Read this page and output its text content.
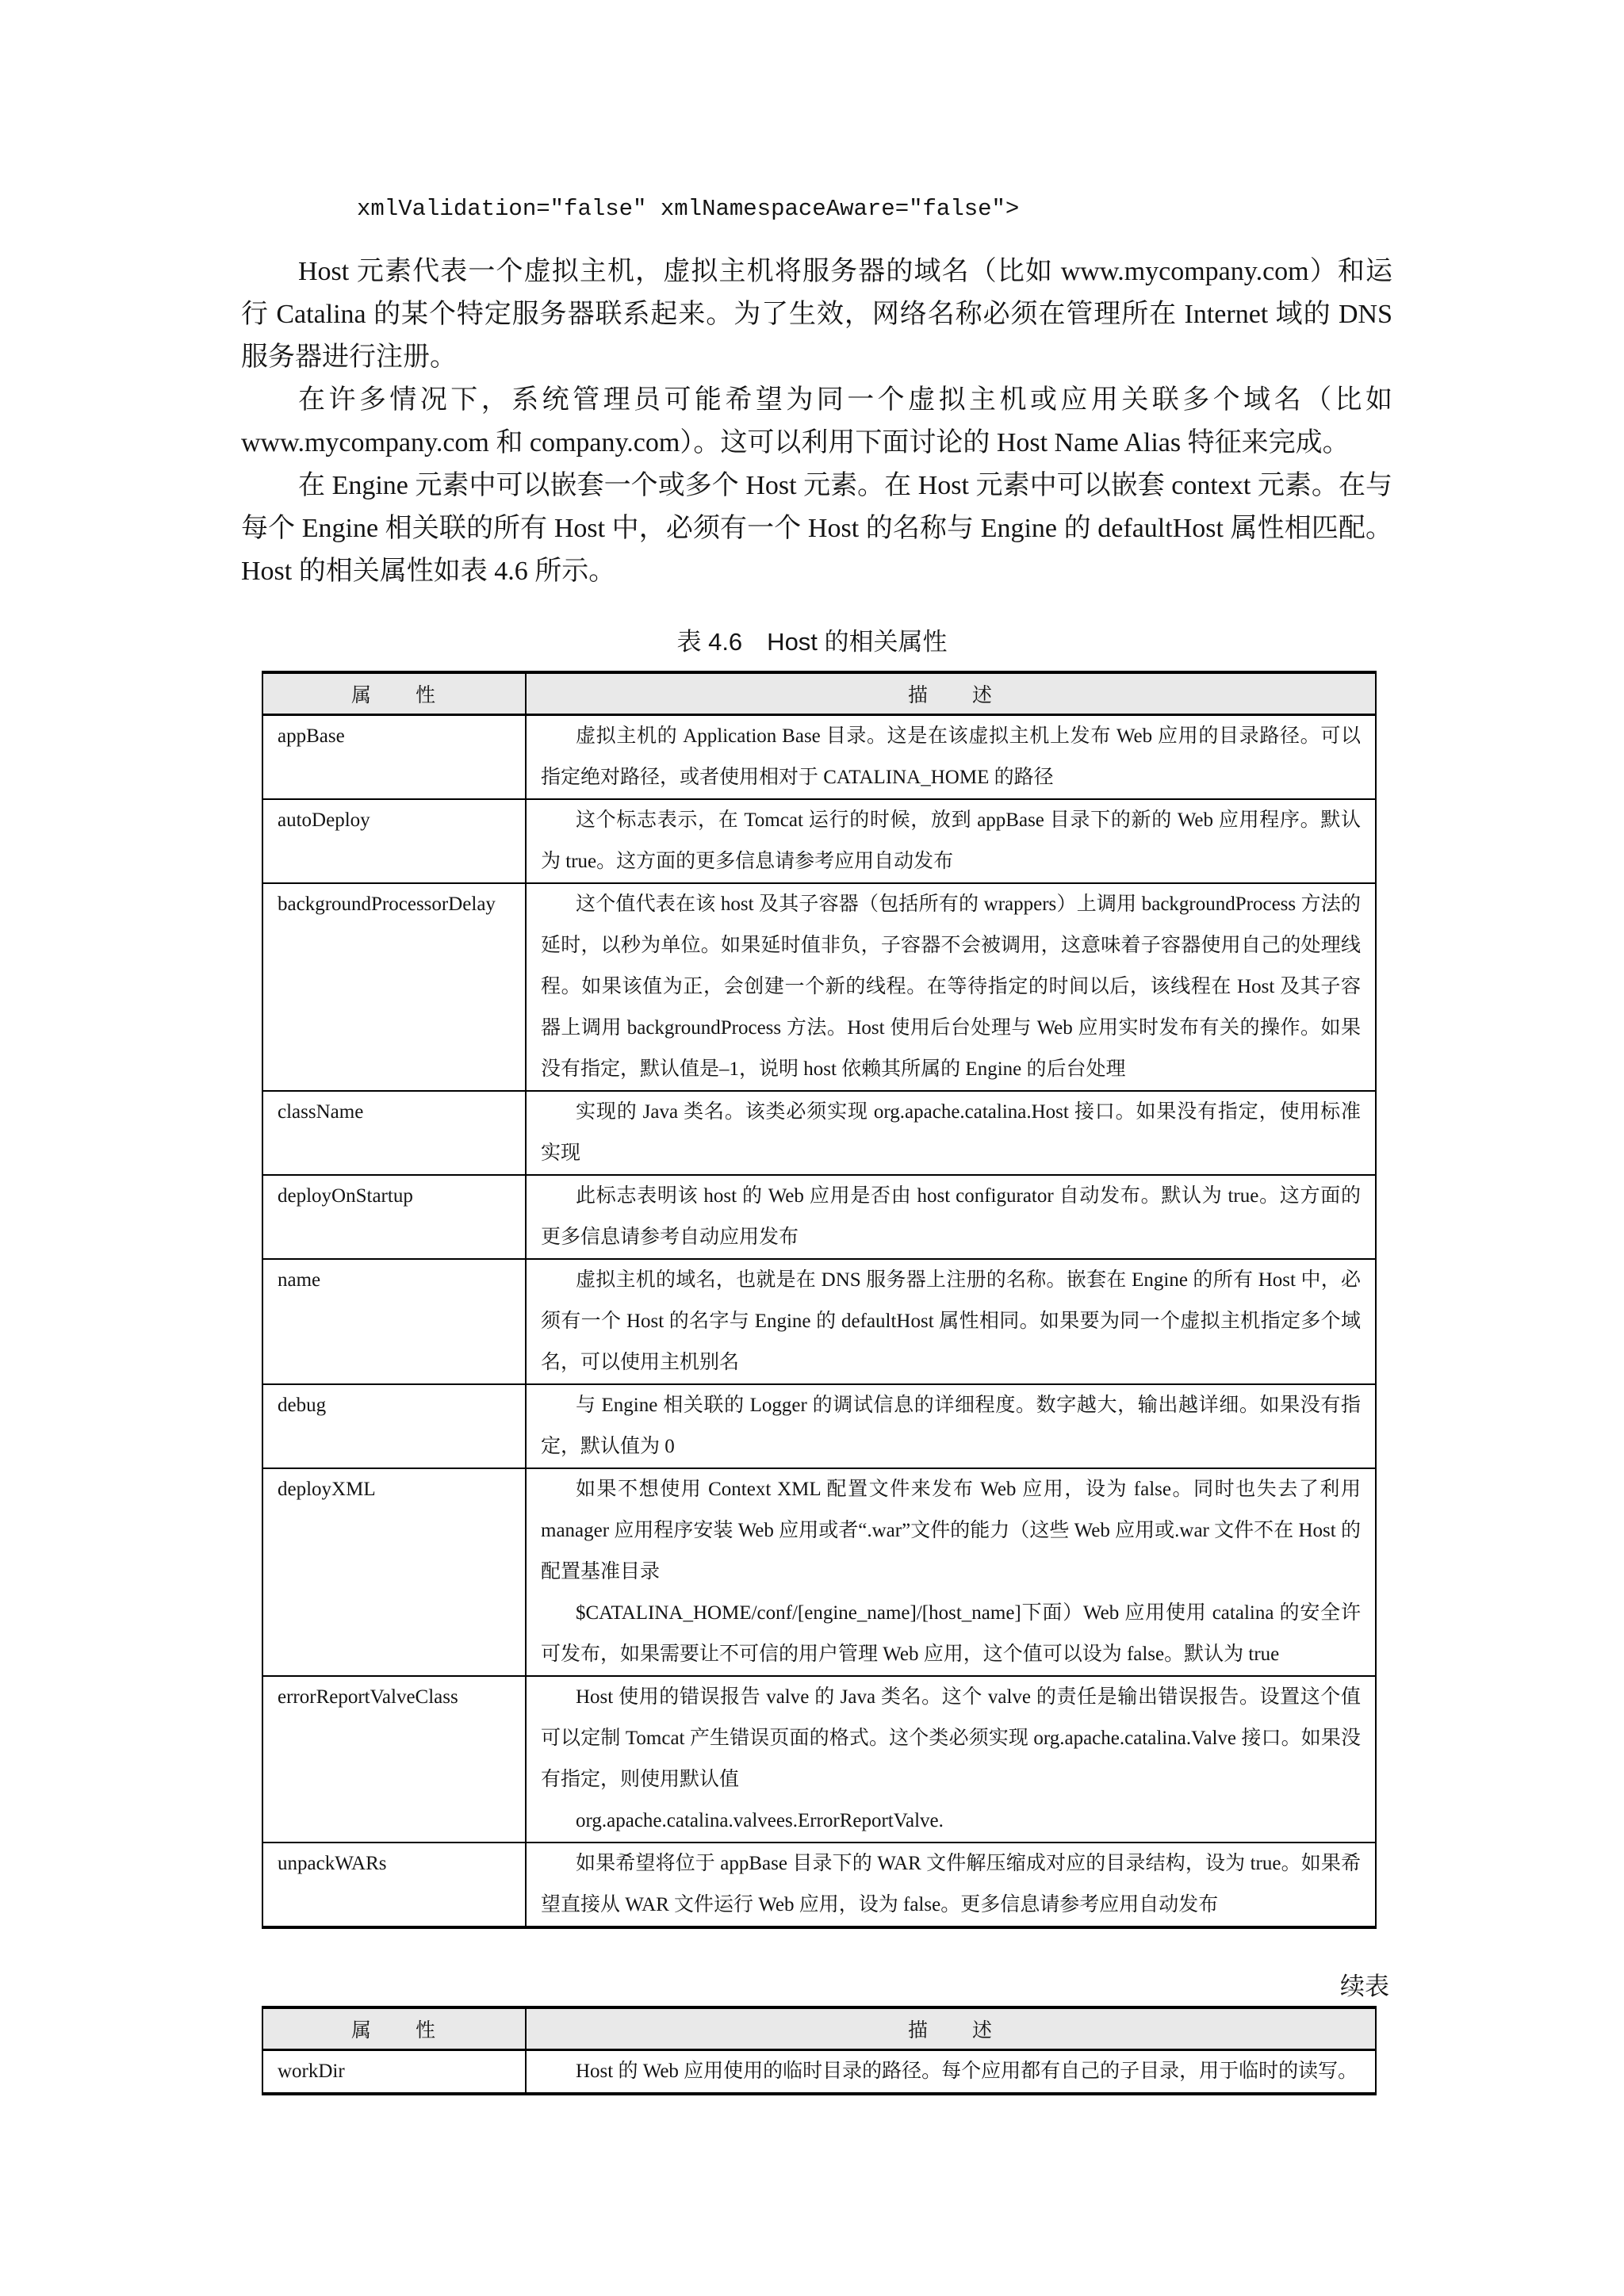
xmlValidation="false" xmlNamespaceAware="false">

Host 元素代表一个虚拟主机，虚拟主机将服务器的域名（比如 www.mycompany.com）和运行 Catalina 的某个特定服务器联系起来。为了生效，网络名称必须在管理所在 Internet 域的 DNS 服务器进行注册。

在许多情况下，系统管理员可能希望为同一个虚拟主机或应用关联多个域名（比如 www.mycompany.com 和 company.com）。这可以利用下面讨论的 Host Name Alias 特征来完成。

在 Engine 元素中可以嵌套一个或多个 Host 元素。在 Host 元素中可以嵌套 context 元素。在与每个 Engine 相关联的所有 Host 中，必须有一个 Host 的名称与 Engine 的 defaultHost 属性相匹配。Host 的相关属性如表 4.6 所示。

表 4.6　Host 的相关属性
属　　性	描　　述
appBase	虚拟主机的 Application Base 目录。这是在该虚拟主机上发布 Web 应用的目录路径。可以指定绝对路径，或者使用相对于 CATALINA_HOME 的路径

autoDeploy	这个标志表示，在 Tomcat 运行的时候，放到 appBase 目录下的新的 Web 应用程序。默认为 true。这方面的更多信息请参考应用自动发布

backgroundProcessorDelay	这个值代表在该 host 及其子容器（包括所有的 wrappers）上调用 backgroundProcess 方法的延时，以秒为单位。如果延时值非负，子容器不会被调用，这意味着子容器使用自己的处理线程。如果该值为正，会创建一个新的线程。在等待指定的时间以后，该线程在 Host 及其子容器上调用 backgroundProcess 方法。Host 使用后台处理与 Web 应用实时发布有关的操作。如果没有指定，默认值是–1，说明 host 依赖其所属的 Engine 的后台处理

className	实现的 Java 类名。该类必须实现 org.apache.catalina.Host 接口。如果没有指定，使用标准实现

deployOnStartup	此标志表明该 host 的 Web 应用是否由 host configurator 自动发布。默认为 true。这方面的更多信息请参考自动应用发布

name	虚拟主机的域名，也就是在 DNS 服务器上注册的名称。嵌套在 Engine 的所有 Host 中，必须有一个 Host 的名字与 Engine 的 defaultHost 属性相同。如果要为同一个虚拟主机指定多个域名，可以使用主机别名

debug	与 Engine 相关联的 Logger 的调试信息的详细程度。数字越大，输出越详细。如果没有指定，默认值为 0

deployXML	如果不想使用 Context XML 配置文件来发布 Web 应用，设为 false。同时也失去了利用 manager 应用程序安装 Web 应用或者“.war”文件的能力（这些 Web 应用或.war 文件不在 Host 的配置基准目录

$CATALINA_HOME/conf/[engine_name]/[host_name]下面）Web 应用使用 catalina 的安全许可发布，如果需要让不可信的用户管理 Web 应用，这个值可以设为 false。默认为 true

errorReportValveClass	Host 使用的错误报告 valve 的 Java 类名。这个 valve 的责任是输出错误报告。设置这个值可以定制 Tomcat 产生错误页面的格式。这个类必须实现 org.apache.catalina.Valve 接口。如果没有指定，则使用默认值

org.apache.catalina.valvees.ErrorReportValve.

unpackWARs	如果希望将位于 appBase 目录下的 WAR 文件解压缩成对应的目录结构，设为 true。如果希望直接从 WAR 文件运行 Web 应用，设为 false。更多信息请参考应用自动发布

续表
属　　性	描　　述
workDir	Host 的 Web 应用使用的临时目录的路径。每个应用都有自己的子目录，用于临时的读写。
